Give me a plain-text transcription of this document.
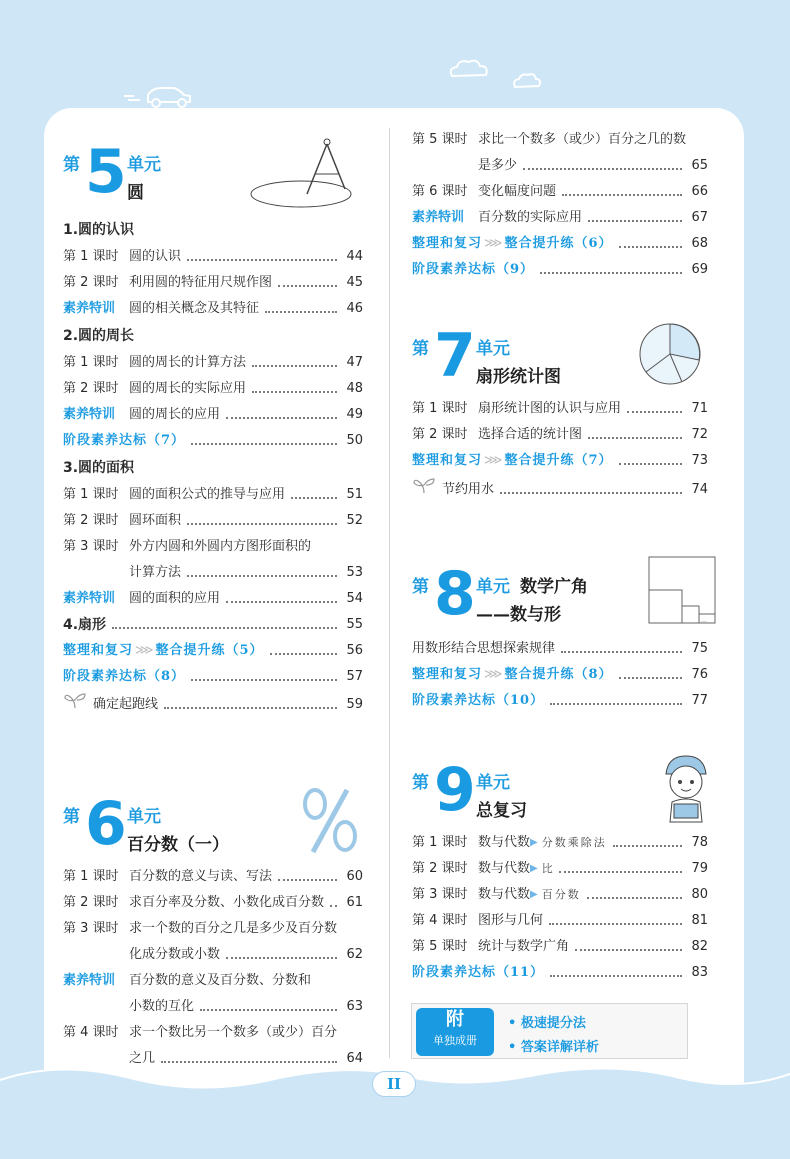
第 5 单元
圆
1.圆的认识
第 1 课时 圆的认识	44
第 2 课时 利用圆的特征用尺规作图	45
素养特训	圆的相关概念及其特征	46
2.圆的周长
第 1 课时 圆的周长的计算方法	47
第 2 课时 圆的周长的实际应用	48
素养特训	圆的周长的应用	49
阶段素养达标（7）	50
3.圆的面积
第 1 课时 圆的面积公式的推导与应用	51
第 2 课时 圆环面积	52
第 3 课时 外方内圆和外圆内方图形面积的
计算方法	53
素养特训	圆的面积的应用	54
4.扇形	55
整理和复习 ⋙ 整合提升练（5）	56
阶段素养达标（8）	57
确定起跑线	59
第 6 单元
百分数（一）
第 1 课时 百分数的意义与读、写法	60
第 2 课时 求百分率及分数、小数化成百分数 61
第 3 课时 求一个数的百分之几是多少及百分数
化成分数或小数	62
素养特训	百分数的意义及百分数、分数和
小数的互化	63
第 4 课时 求一个数比另一个数多（或少）百分
之几	64
第 5 课时 求比一个数多（或少）百分之几的数
是多少	65
第 6 课时 变化幅度问题	66
素养特训	百分数的实际应用	67
整理和复习 ⋙ 整合提升练（6）	68
阶段素养达标（9）	69
第 7 单元
扇形统计图
第 1 课时 扇形统计图的认识与应用	71
第 2 课时 选择合适的统计图	72
整理和复习 ⋙ 整合提升练（7）	73
节约用水	74
第 8 单元 数学广角
——数与形	…
用数形结合思想探索规律	75
整理和复习 ⋙ 整合提升练（8）	76
阶段素养达标（10）	77
第 9 单元
总复习
第 1 课时 数与代数 ▶ 分数乘除法	78
第 2 课时 数与代数 ▶ 比	79
第 3 课时 数与代数 ▶ 百分数	80
第 4 课时 图形与几何	81
第 5 课时 统计与数学广角	82
阶段素养达标（11）	83
附
单独成册
• 极速提分法
• 答案详解详析
II
